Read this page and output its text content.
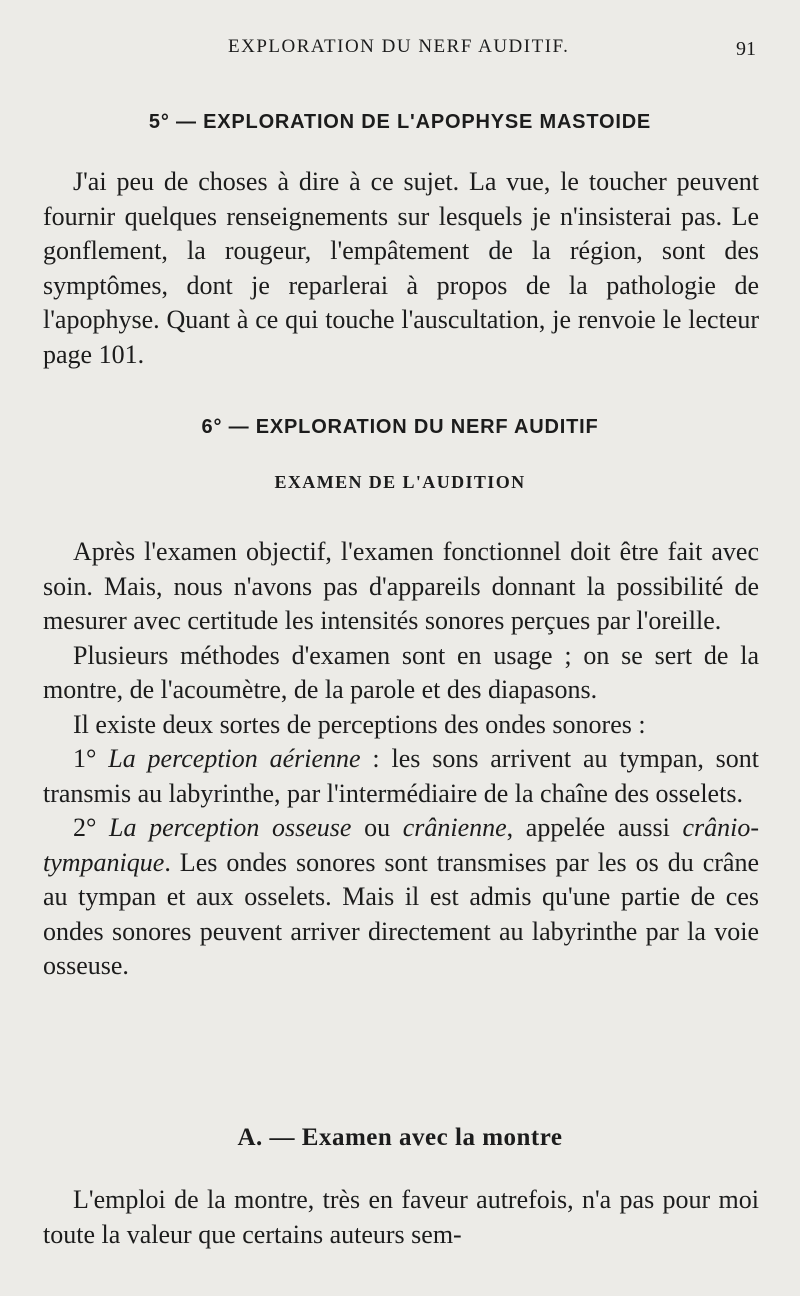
EXPLORATION DU NERF AUDITIF.	91
5° — EXPLORATION DE L'APOPHYSE MASTOIDE

J'ai peu de choses à dire à ce sujet. La vue, le toucher peuvent fournir quelques renseignements sur lesquels je n'insisterai pas. Le gonflement, la rougeur, l'empâtement de la région, sont des symptômes, dont je reparlerai à propos de la pathologie de l'apophyse. Quant à ce qui touche l'auscultation, je renvoie le lecteur page 101.

6° — EXPLORATION DU NERF AUDITIF
EXAMEN DE L'AUDITION

Après l'examen objectif, l'examen fonctionnel doit être fait avec soin. Mais, nous n'avons pas d'appareils donnant la possibilité de mesurer avec certitude les intensités sonores perçues par l'oreille.

Plusieurs méthodes d'examen sont en usage ; on se sert de la montre, de l'acoumètre, de la parole et des diapasons.

Il existe deux sortes de perceptions des ondes sonores :

1° La perception aérienne : les sons arrivent au tympan, sont transmis au labyrinthe, par l'intermédiaire de la chaîne des osselets.

2° La perception osseuse ou crânienne, appelée aussi crânio-tympanique. Les ondes sonores sont transmises par les os du crâne au tympan et aux osselets. Mais il est admis qu'une partie de ces ondes sonores peuvent arriver directement au labyrinthe par la voie osseuse.

A. — Examen avec la montre

L'emploi de la montre, très en faveur autrefois, n'a pas pour moi toute la valeur que certains auteurs sem-
